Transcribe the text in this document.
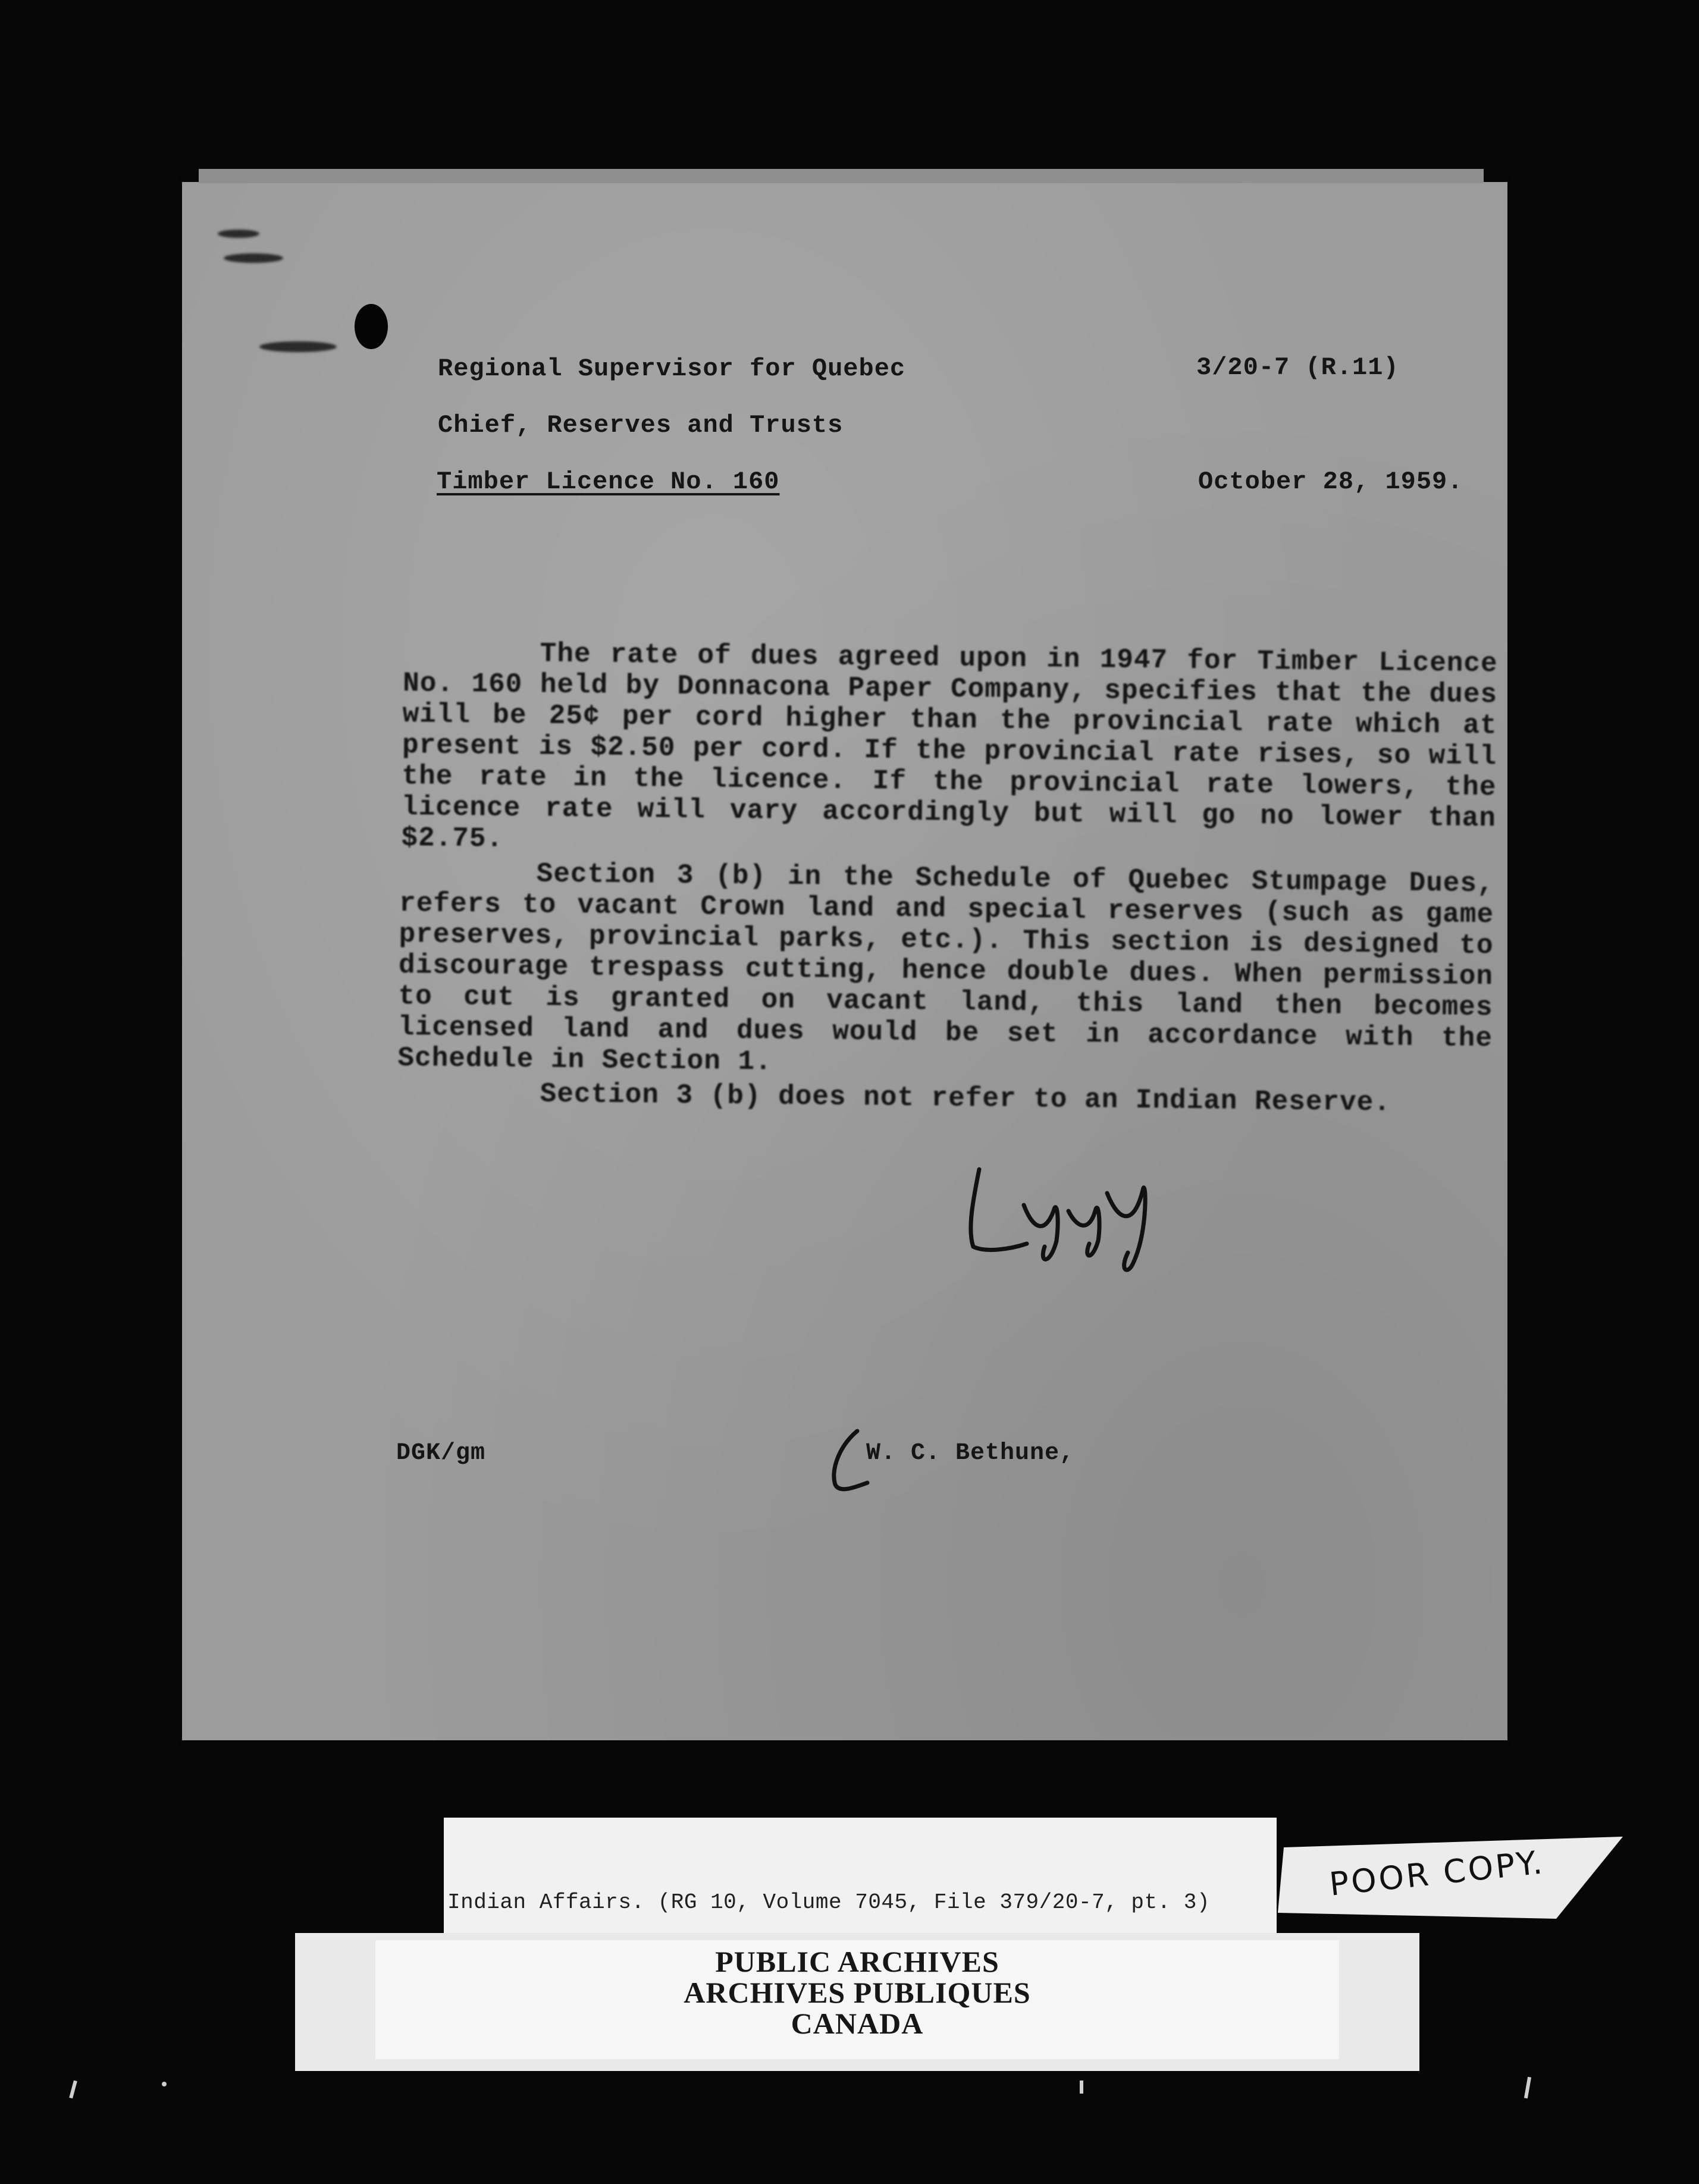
Regional Supervisor for Quebec
Chief, Reserves and Trusts
Timber Licence No. 160
3/20-7 (R.11)
October 28, 1959.
The rate of dues agreed upon in 1947 for Timber Licence No. 160 held by Donnacona Paper Company, specifies that the dues will be 25¢ per cord higher than the provincial rate which at present is $2.50 per cord. If the provincial rate rises, so will the rate in the licence. If the provincial rate lowers, the licence rate will vary accordingly but will go no lower than $2.75.
Section 3 (b) in the Schedule of Quebec Stumpage Dues, refers to vacant Crown land and special reserves (such as game preserves, provincial parks, etc.). This section is designed to discourage trespass cutting, hence double dues. When permission to cut is granted on vacant land, this land then becomes licensed land and dues would be set in accordance with the Schedule in Section 1.
Section 3 (b) does not refer to an Indian Reserve.
DGK/gm	W. C. Bethune,
Indian Affairs. (RG 10, Volume 7045, File 379/20-7, pt. 3)
PUBLIC ARCHIVES
ARCHIVES PUBLIQUES
CANADA
POOR COPY.
